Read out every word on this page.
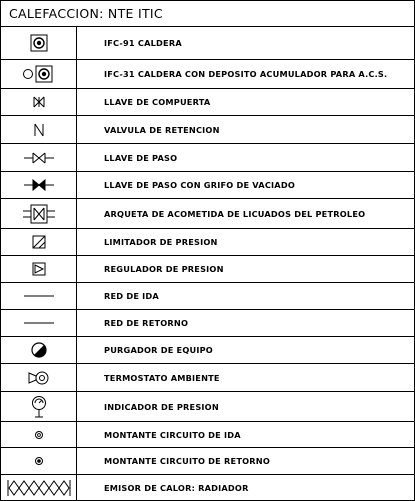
CALEFACCION: NTE ITIC
IFC-91 CALDERA
IFC-31 CALDERA CON DEPOSITO ACUMULADOR PARA A.C.S.
LLAVE DE COMPUERTA
VALVULA DE RETENCION
LLAVE DE PASO
LLAVE DE PASO CON GRIFO DE VACIADO
ARQUETA DE ACOMETIDA DE LICUADOS DEL PETROLEO
LIMITADOR DE PRESION
REGULADOR DE PRESION
RED DE IDA
RED DE RETORNO
PURGADOR DE EQUIPO
TERMOSTATO AMBIENTE
INDICADOR DE PRESION
MONTANTE CIRCUITO DE IDA
MONTANTE CIRCUITO DE RETORNO
EMISOR DE CALOR: RADIADOR
